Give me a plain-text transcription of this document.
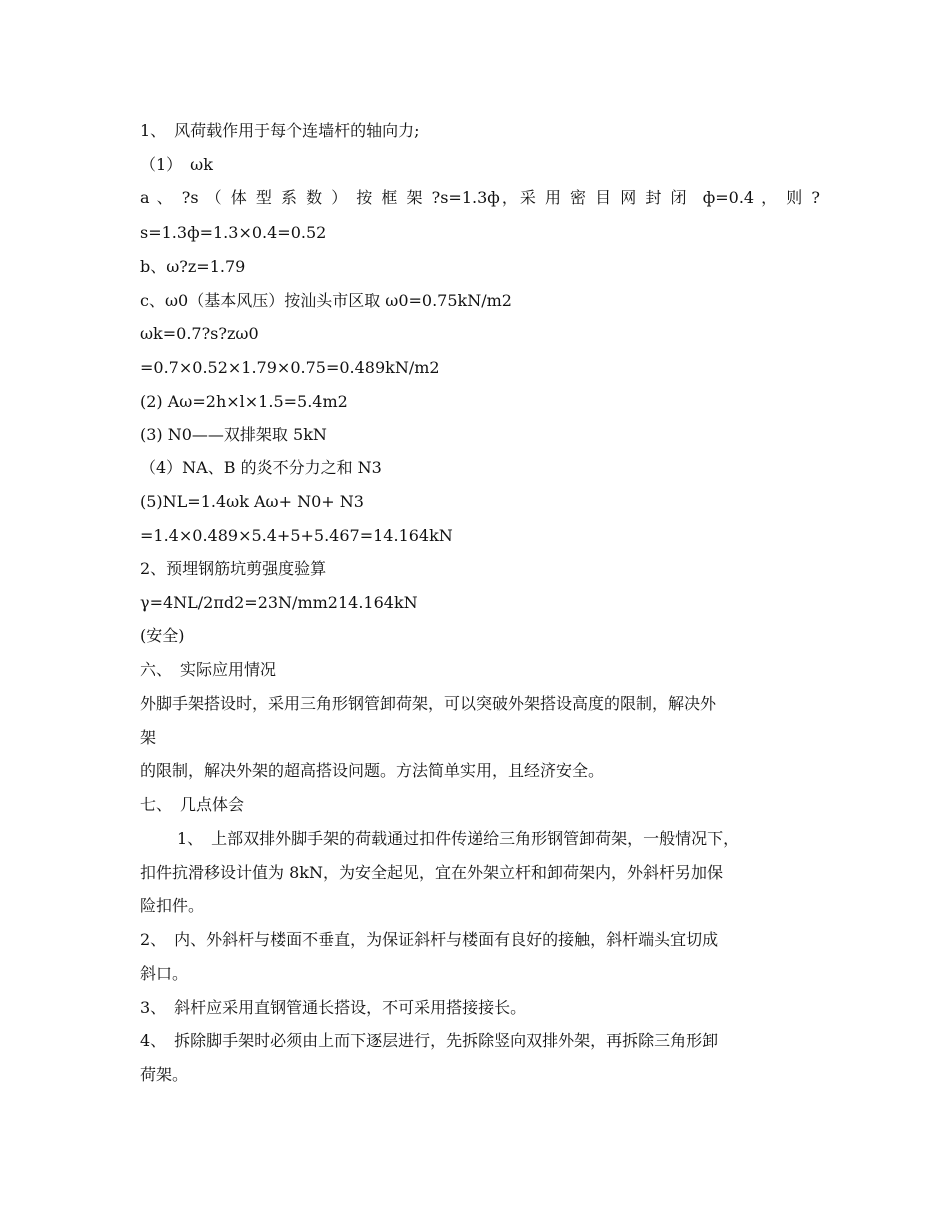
1、　风荷载作用于每个连墙杆的轴向力;
（1）　ωk
a 、 ?s （ 体 型 系 数 ） 按 框 架 ?s=1.3ф，采 用 密 目 网 封 闭  ф=0.4 ， 则 ?
s=1.3ф=1.3×0.4=0.52
b、ω?z=1.79
c、ω0（基本风压）按汕头市区取 ω0=0.75kN/m2
ωk=0.7?s?zω0
=0.7×0.52×1.79×0.75=0.489kN/m2
(2) Aω=2h×l×1.5=5.4m2
(3) N0——双排架取 5kN
（4）NA、B 的炎不分力之和 N3
(5)NL=1.4ωk Aω+ N0+ N3
=1.4×0.489×5.4+5+5.467=14.164kN
2、预埋钢筋坑剪强度验算
γ=4NL/2πd2=23N/mm214.164kN
(安全)
六、　实际应用情况
外脚手架搭设时，采用三角形钢管卸荷架，可以突破外架搭设高度的限制，解决外
架
的限制，解决外架的超高搭设问题。方法简单实用，且经济安全。
七、　几点体会
1、　上部双排外脚手架的荷载通过扣件传递给三角形钢管卸荷架，一般情况下，
扣件抗滑移设计值为 8kN，为安全起见，宜在外架立杆和卸荷架内，外斜杆另加保
险扣件。
2、　内、外斜杆与楼面不垂直，为保证斜杆与楼面有良好的接触，斜杆端头宜切成
斜口。
3、　斜杆应采用直钢管通长搭设，不可采用搭接接长。
4、　拆除脚手架时必须由上而下逐层进行，先拆除竖向双排外架，再拆除三角形卸
荷架。
